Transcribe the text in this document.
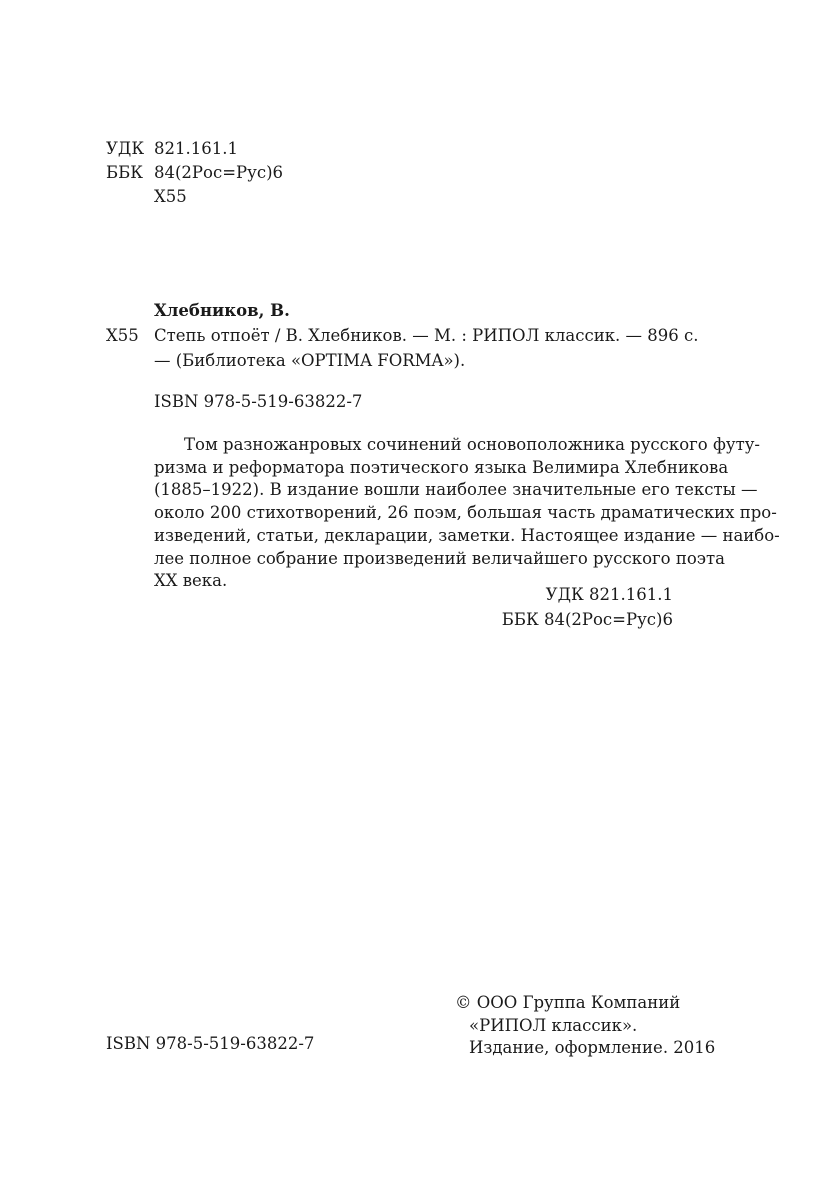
УДК 821.161.1
ББК 84(2Рос=Рус)6
Х55
Хлебников, В.
Х55 Степь отпоёт / В. Хлебников. — М. : РИПОЛ классик. — 896 с.
— (Библиотека «OPTIMA FORMA»).
ISBN 978-5-519-63822-7
Том разножанровых сочинений основоположника русского футу-
ризма и реформатора поэтического языка Велимира Хлебникова
(1885–1922). В издание вошли наиболее значительные его тексты —
около 200 стихотворений, 26 поэм, большая часть драматических про-
изведений, статьи, декларации, заметки. Настоящее издание — наибо-
лее полное собрание произведений величайшего русского поэта
XX века.
УДК 821.161.1
ББК 84(2Рос=Рус)6
© ООО Группа Компаний
«РИПОЛ классик».
Издание, оформление. 2016
ISBN 978-5-519-63822-7
